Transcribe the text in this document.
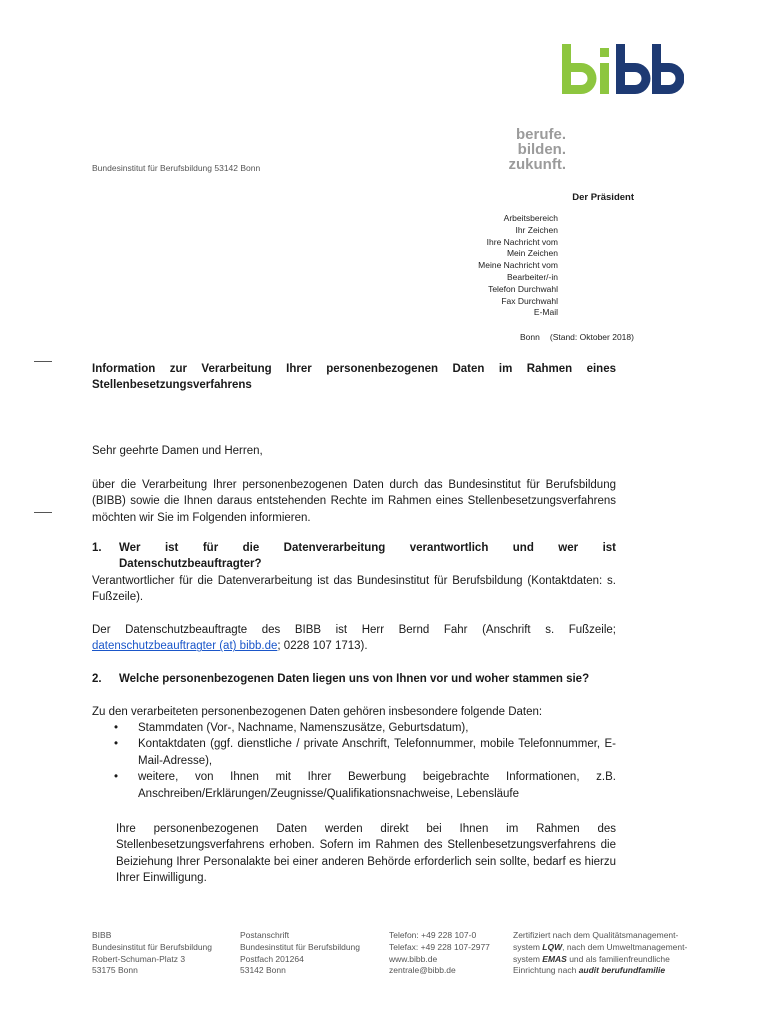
berufe.
bilden.
zukunft.
Bundesinstitut für Berufsbildung 53142 Bonn
Der Präsident
Arbeitsbereich
Ihr Zeichen
Ihre Nachricht vom
Mein Zeichen
Meine Nachricht vom
Bearbeiter/-in
Telefon Durchwahl
Fax Durchwahl
E-Mail
Bonn (Stand: Oktober 2018)
Information zur Verarbeitung Ihrer personenbezogenen Daten im Rahmen eines Stellenbesetzungsverfahrens
Sehr geehrte Damen und Herren,
über die Verarbeitung Ihrer personenbezogenen Daten durch das Bundesinstitut für Berufsbildung (BIBB) sowie die Ihnen daraus entstehenden Rechte im Rahmen eines Stellenbesetzungsverfahrens möchten wir Sie im Folgenden informieren.
1. Wer ist für die Datenverarbeitung verantwortlich und wer ist
Datenschutzbeauftragter?
Verantwortlicher für die Datenverarbeitung ist das Bundesinstitut für Berufsbildung (Kontaktdaten: s. Fußzeile).
Der Datenschutzbeauftragte des BIBB ist Herr Bernd Fahr (Anschrift s. Fußzeile; datenschutzbeauftragter (at) bibb.de; 0228 107 1713).
2. Welche personenbezogenen Daten liegen uns von Ihnen vor und woher stammen sie?
Zu den verarbeiteten personenbezogenen Daten gehören insbesondere folgende Daten:
• Stammdaten (Vor-, Nachname, Namenszusätze, Geburtsdatum),
• Kontaktdaten (ggf. dienstliche / private Anschrift, Telefonnummer, mobile Telefonnummer, E-Mail-Adresse),
• weitere, von Ihnen mit Ihrer Bewerbung beigebrachte Informationen, z.B. Anschreiben/Erklärungen/Zeugnisse/Qualifikationsnachweise, Lebensläufe
Ihre personenbezogenen Daten werden direkt bei Ihnen im Rahmen des Stellenbesetzungsverfahrens erhoben. Sofern im Rahmen des Stellenbesetzungsverfahrens die Beiziehung Ihrer Personalakte bei einer anderen Behörde erforderlich sein sollte, bedarf es hierzu Ihrer Einwilligung.
BIBB
Bundesinstitut für Berufsbildung
Robert-Schuman-Platz 3
53175 Bonn
Postanschrift
Bundesinstitut für Berufsbildung
Postfach 201264
53142 Bonn
Telefon: +49 228 107-0
Telefax: +49 228 107-2977
www.bibb.de
zentrale@bibb.de
Zertifiziert nach dem Qualitätsmanagement-
system LQW, nach dem Umweltmanagement-
system EMAS und als familienfreundliche
Einrichtung nach audit berufundfamilie
